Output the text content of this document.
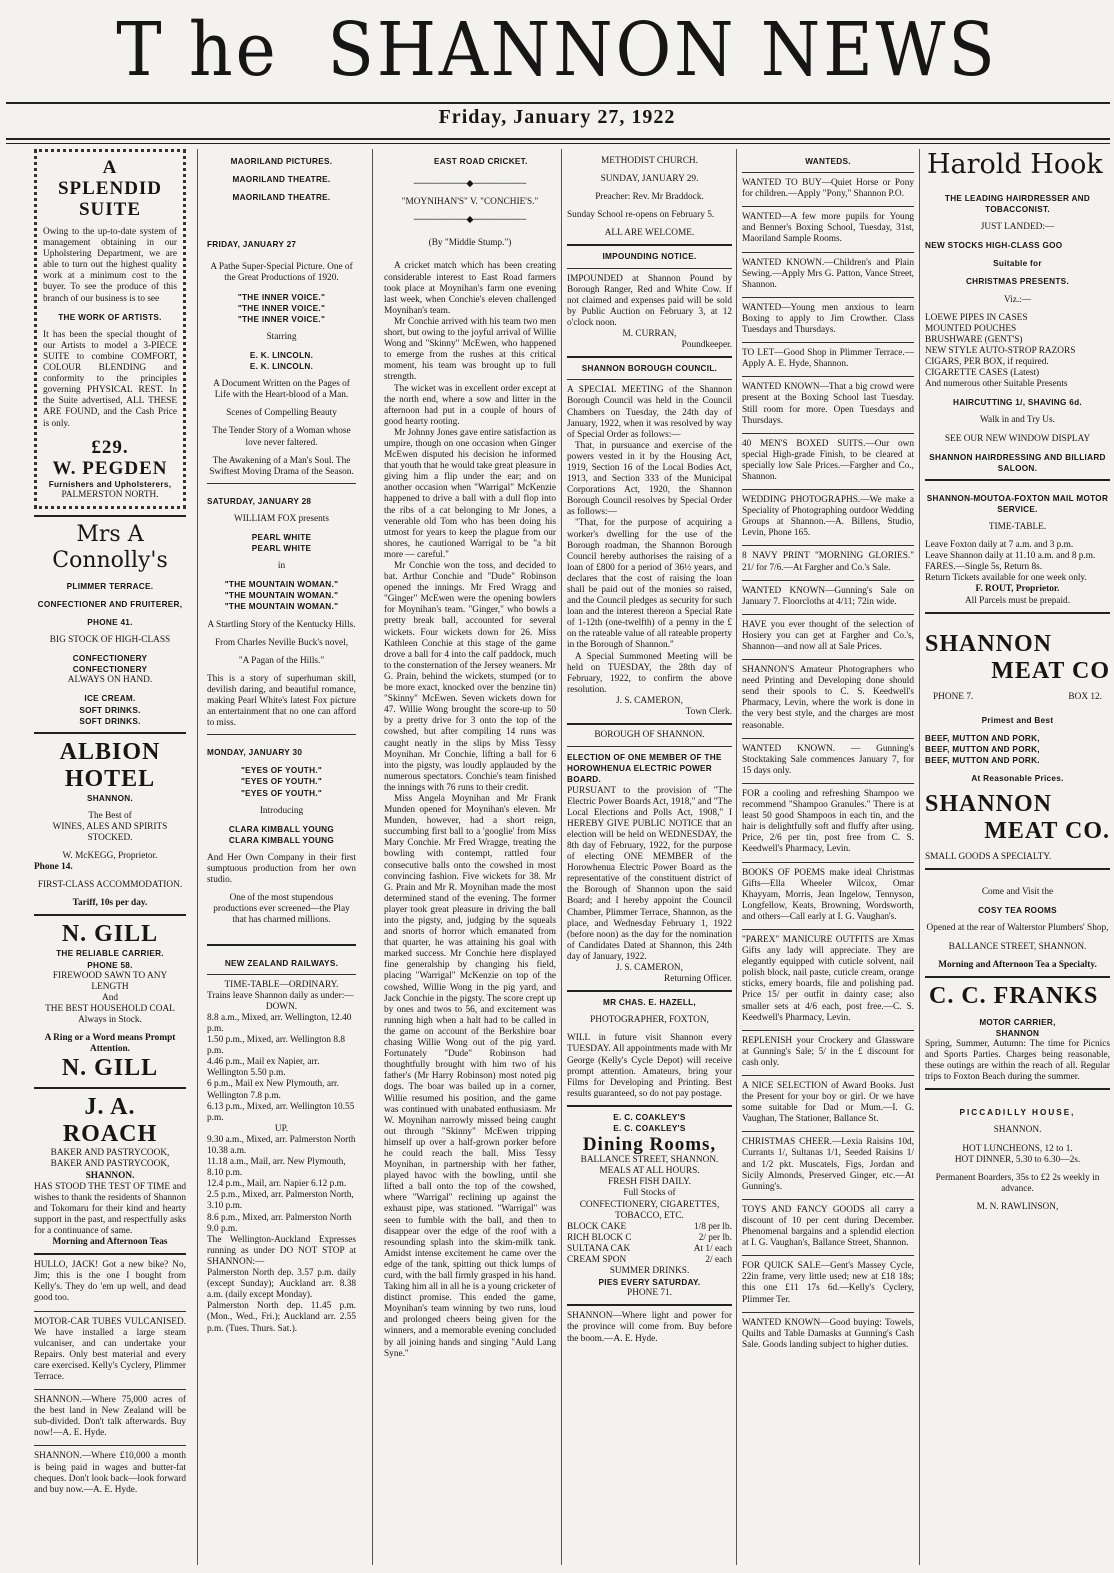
T he SHANNON NEWS
Friday, January 27, 1922
A
SPLENDID
SUITE
Owing to the up-to-date system of management obtaining in our Upholstering Department, we are able to turn out the highest quality work at a minimum cost to the buyer. To see the produce of this branch of our business is to see
THE WORK OF ARTISTS.
It has been the special thought of our Artists to model a 3-PIECE SUITE to combine COMFORT, COLOUR BLENDING and conformity to the principles governing PHYSICAL REST. In the Suite advertised, ALL THESE ARE FOUND, and the Cash Price is only.
£29.
W. PEGDEN
Furnishers and Upholsterers,
PALMERSTON NORTH.
Mrs A Connolly's
PLIMMER TERRACE.
CONFECTIONER AND FRUITERER,
PHONE 41.
BIG STOCK OF HIGH-CLASS
CONFECTIONERY
CONFECTIONERY
ALWAYS ON HAND.
ICE CREAM.
SOFT DRINKS.
SOFT DRINKS.
ALBION HOTEL
SHANNON.
The Best of
WINES, ALES AND SPIRITS STOCKED.
W. McKEGG, Proprietor.
Phone 14.
FIRST-CLASS ACCOMMODATION.
Tariff, 10s per day.
N. GILL
THE RELIABLE CARRIER.
PHONE 58.
FIREWOOD SAWN TO ANY LENGTH
And
THE BEST HOUSEHOLD COAL
Always in Stock.
A Ring or a Word means Prompt Attention.
N. GILL
J. A. ROACH
BAKER AND PASTRYCOOK,
BAKER AND PASTRYCOOK,
SHANNON.
HAS STOOD THE TEST OF TIME and wishes to thank the residents of Shannon and Tokomaru for their kind and hearty support in the past, and respectfully asks for a continuance of same.
Morning and Afternoon Teas
HULLO, JACK! Got a new bike? No, Jim; this is the one I bought from Kelly's. They do 'em up well, and dead good too.
MOTOR-CAR TUBES VULCANISED. We have installed a large steam vulcaniser, and can undertake your Repairs. Only best material and every care exercised. Kelly's Cyclery, Plimmer Terrace.
SHANNON.—Where 75,000 acres of the best land in New Zealand will be sub-divided. Don't talk afterwards. Buy now!—A. E. Hyde.
SHANNON.—Where £10,000 a month is being paid in wages and butter-fat cheques. Don't look back—look forward and buy now.—A. E. Hyde.
MAORILAND PICTURES.
MAORILAND THEATRE.
MAORILAND THEATRE.
FRIDAY, JANUARY 27
A Pathe Super-Special Picture. One of the Great Productions of 1920.
"THE INNER VOICE."
"THE INNER VOICE."
"THE INNER VOICE."
Starring
E. K. LINCOLN.
E. K. LINCOLN.
A Document Written on the Pages of Life with the Heart-blood of a Man.
Scenes of Compelling Beauty
The Tender Story of a Woman whose love never faltered.
The Awakening of a Man's Soul. The Swiftest Moving Drama of the Season.
SATURDAY, JANUARY 28
WILLIAM FOX presents
PEARL WHITE
PEARL WHITE
in
"THE MOUNTAIN WOMAN."
"THE MOUNTAIN WOMAN."
"THE MOUNTAIN WOMAN."
A Startling Story of the Kentucky Hills.
From Charles Neville Buck's novel,
"A Pagan of the Hills."
This is a story of superhuman skill, devilish daring, and beautiful romance, making Pearl White's latest Fox picture an entertainment that no one can afford to miss.
MONDAY, JANUARY 30
"EYES OF YOUTH."
"EYES OF YOUTH."
"EYES OF YOUTH."
Introducing
CLARA KIMBALL YOUNG
CLARA KIMBALL YOUNG
And Her Own Company in their first sumptuous production from her own studio.
One of the most stupendous productions ever screened—the Play that has charmed millions.
NEW ZEALAND RAILWAYS.
TIME-TABLE—ORDINARY.
Trains leave Shannon daily as under:—
DOWN.
8.8 a.m., Mixed, arr. Wellington, 12.40 p.m.
1.50 p.m., Mixed, arr. Wellington 8.8 p.m.
4.46 p.m., Mail ex Napier, arr. Wellington 5.50 p.m.
6 p.m., Mail ex New Plymouth, arr. Wellington 7.8 p.m.
6.13 p.m., Mixed, arr. Wellington 10.55 p.m.
UP.
9.30 a.m., Mixed, arr. Palmerston North 10.38 a.m.
11.18 a.m., Mail, arr. New Plymouth, 8.10 p.m.
12.4 p.m., Mail, arr. Napier 6.12 p.m.
2.5 p.m., Mixed, arr. Palmerston North, 3.10 p.m.
8.6 p.m., Mixed, arr. Palmerston North 9.0 p.m.
The Wellington-Auckland Expresses running as under DO NOT STOP at SHANNON:—
Palmerston North dep. 3.57 p.m. daily (except Sunday); Auckland arr. 8.38 a.m. (daily except Monday).
Palmerston North dep. 11.45 p.m. (Mon., Wed., Fri.); Auckland arr. 2.55 p.m. (Tues. Thurs. Sat.).
EAST ROAD CRICKET.
────────◆────────
"MOYNIHAN'S" V. "CONCHIE'S."
────────◆────────
(By "Middle Stump.")

A cricket match which has been creating considerable interest to East Road farmers took place at Moynihan's farm one evening last week, when Conchie's eleven challenged Moynihan's team.

Mr Conchie arrived with his team two men short, but owing to the joyful arrival of Willie Wong and "Skinny" McEwen, who happened to emerge from the rushes at this critical moment, his team was brought up to full strength.

The wicket was in excellent order except at the north end, where a sow and litter in the afternoon had put in a couple of hours of good hearty rooting.

Mr Johnny Jones gave entire satisfaction as umpire, though on one occasion when Ginger McEwen disputed his decision he informed that youth that he would take great pleasure in giving him a flip under the ear; and on another occasion when "Warrigal" McKenzie happened to drive a ball with a dull flop into the ribs of a cat belonging to Mr Jones, a venerable old Tom who has been doing his utmost for years to keep the plague from our shores, he cautioned Warrigal to be "a bit more — careful."

Mr Conchie won the toss, and decided to bat. Arthur Conchie and "Dude" Robinson opened the innings. Mr Fred Wragg and "Ginger" McEwen were the opening bowlers for Moynihan's team. "Ginger," who bowls a pretty break ball, accounted for several wickets. Four wickets down for 26. Miss Kathleen Conchie at this stage of the game drove a ball for 4 into the calf paddock, much to the consternation of the Jersey weaners. Mr G. Prain, behind the wickets, stumped (or to be more exact, knocked over the benzine tin) "Skinny" McEwen. Seven wickets down for 47. Willie Wong brought the score-up to 50 by a pretty drive for 3 onto the top of the cowshed, but after compiling 14 runs was caught neatly in the slips by Miss Tessy Moynihan. Mr Conchie, lifting a ball for 6 into the pigsty, was loudly applauded by the numerous spectators. Conchie's team finished the innings with 76 runs to their credit.

Miss Angela Moynihan and Mr Frank Munden opened for Moynihan's eleven. Mr Munden, however, had a short reign, succumbing first ball to a 'googlie' from Miss Mary Conchie. Mr Fred Wragge, treating the bowling with contempt, rattled four consecutive balls onto the cowshed in most convincing fashion. Five wickets for 38. Mr G. Prain and Mr R. Moynihan made the most determined stand of the evening. The former player took great pleasure in driving the ball into the pigsty, and, judging by the squeals and snorts of horror which emanated from that quarter, he was attaining his goal with marked success. Mr Conchie here displayed fine generalship by changing his field, placing "Warrigal" McKenzie on top of the cowshed, Willie Wong in the pig yard, and Jack Conchie in the pigsty. The score crept up by ones and twos to 56, and excitement was running high when a halt had to be called in the game on account of the Berkshire boar chasing Willie Wong out of the pig yard. Fortunately "Dude" Robinson had thoughtfully brought with him two of his father's (Mr Harry Robinson) most noted pig dogs. The boar was bailed up in a corner, Willie resumed his position, and the game was continued with unabated enthusiasm. Mr W. Moynihan narrowly missed being caught out through "Skinny" McEwen tripping himself up over a half-grown porker before he could reach the ball. Miss Tessy Moynihan, in partnership with her father, played havoc with the bowling, until she lifted a ball onto the top of the cowshed, where "Warrigal" reclining up against the exhaust pipe, was stationed. "Warrigal" was seen to fumble with the ball, and then to disappear over the edge of the roof with a resounding splash into the skim-milk tank. Amidst intense excitement he came over the edge of the tank, spitting out thick lumps of curd, with the ball firmly grasped in his hand. Taking him all in all he is a young cricketer of distinct promise. This ended the game, Moynihan's team winning by two runs, loud and prolonged cheers being given for the winners, and a memorable evening concluded by all joining hands and singing "Auld Lang Syne."

METHODIST CHURCH.
SUNDAY, JANUARY 29.
Preacher: Rev. Mr Braddock.
Sunday School re-opens on February 5.
ALL ARE WELCOME.
IMPOUNDING NOTICE.
IMPOUNDED at Shannon Pound by Borough Ranger, Red and White Cow. If not claimed and expenses paid will be sold by Public Auction on February 3, at 12 o'clock noon.
M. CURRAN,
Poundkeeper.
SHANNON BOROUGH COUNCIL.

A SPECIAL MEETING of the Shannon Borough Council was held in the Council Chambers on Tuesday, the 24th day of January, 1922, when it was resolved by way of Special Order as follows:—

That, in pursuance and exercise of the powers vested in it by the Housing Act, 1919, Section 16 of the Local Bodies Act, 1913, and Section 333 of the Municipal Corporations Act, 1920, the Shannon Borough Council resolves by Special Order as follows:—

"That, for the purpose of acquiring a worker's dwelling for the use of the Borough roadman, the Shannon Borough Council hereby authorises the raising of a loan of £800 for a period of 36½ years, and declares that the cost of raising the loan shall be paid out of the monies so raised, and the Council pledges as security for such loan and the interest thereon a Special Rate of 1-12th (one-twelfth) of a penny in the £ on the rateable value of all rateable property in the Borough of Shannon."

A Special Summoned Meeting will be held on TUESDAY, the 28th day of February, 1922, to confirm the above resolution.

J. S. CAMERON,
Town Clerk.
BOROUGH OF SHANNON.
ELECTION OF ONE MEMBER OF THE HOROWHENUA ELECTRIC POWER BOARD.
PURSUANT to the provision of "The Electric Power Boards Act, 1918," and "The Local Elections and Polls Act, 1908," I HEREBY GIVE PUBLIC NOTICE that an election will be held on WEDNESDAY, the 8th day of February, 1922, for the purpose of electing ONE MEMBER of the Horowhenua Electric Power Board as the representative of the constituent district of the Borough of Shannon upon the said Board; and I hereby appoint the Council Chamber, Plimmer Terrace, Shannon, as the place, and Wednesday February 1, 1922 (before noon) as the day for the nomination of Candidates Dated at Shannon, this 24th day of January, 1922.
J. S. CAMERON,
Returning Officer.
MR CHAS. E. HAZELL,
PHOTOGRAPHER, FOXTON,
WILL in future visit Shannon every TUESDAY. All appointments made with Mr George (Kelly's Cycle Depot) will receive prompt attention. Amateurs, bring your Films for Developing and Printing. Best results guaranteed, so do not pay postage.
E. C. COAKLEY'S
E. C. COAKLEY'S
Dining Rooms,
BALLANCE STREET, SHANNON.
MEALS AT ALL HOURS.
FRESH FISH DAILY.
Full Stocks of
CONFECTIONERY, CIGARETTES, TOBACCO, ETC.
BLOCK CAKE	1/8 per lb.
RICH BLOCK C	2/ per lb.
SULTANA CAK	At 1/ each
CREAM SPON	2/ each
SUMMER DRINKS.
PIES EVERY SATURDAY.
PHONE 71.
SHANNON—Where light and power for the province will come from. Buy before the boom.—A. E. Hyde.
WANTEDS.
WANTED TO BUY—Quiet Horse or Pony for children.—Apply "Pony," Shannon P.O.
WANTED—A few more pupils for Young and Benner's Boxing School, Tuesday, 31st, Maoriland Sample Rooms.
WANTED KNOWN.—Children's and Plain Sewing.—Apply Mrs G. Patton, Vance Street, Shannon.
WANTED—Young men anxious to learn Boxing to apply to Jim Crowther. Class Tuesdays and Thursdays.
TO LET—Good Shop in Plimmer Terrace.—Apply A. E. Hyde, Shannon.
WANTED KNOWN—That a big crowd were present at the Boxing School last Tuesday. Still room for more. Open Tuesdays and Thursdays.
40 MEN'S BOXED SUITS.—Our own special High-grade Finish, to be cleared at specially low Sale Prices.—Fargher and Co., Shannon.
WEDDING PHOTOGRAPHS.—We make a Speciality of Photographing outdoor Wedding Groups at Shannon.—A. Billens, Studio, Levin, Phone 165.
8 NAVY PRINT "MORNING GLORIES." 21/ for 7/6.—At Fargher and Co.'s Sale.
WANTED KNOWN—Gunning's Sale on January 7. Floorcloths at 4/11; 72in wide.
HAVE you ever thought of the selection of Hosiery you can get at Fargher and Co.'s, Shannon—and now all at Sale Prices.
SHANNON'S Amateur Photographers who need Printing and Developing done should send their spools to C. S. Keedwell's Pharmacy, Levin, where the work is done in the very best style, and the charges are most reasonable.
WANTED KNOWN. — Gunning's Stocktaking Sale commences January 7, for 15 days only.
FOR a cooling and refreshing Shampoo we recommend "Shampoo Granules." There is at least 50 good Shampoos in each tin, and the hair is delightfully soft and fluffy after using. Price, 2/6 per tin, post free from C. S. Keedwell's Pharmacy, Levin.
BOOKS OF POEMS make ideal Christmas Gifts—Ella Wheeler Wilcox, Omar Khayyam, Morris, Jean Ingelow, Tennyson, Longfellow, Keats, Browning, Wordsworth, and others—Call early at I. G. Vaughan's.
"PAREX" MANICURE OUTFITS are Xmas Gifts any lady will appreciate. They are elegantly equipped with cuticle solvent, nail polish block, nail paste, cuticle cream, orange sticks, emery boards, file and polishing pad. Price 15/ per outfit in dainty case; also smaller sets at 4/6 each, post free.—C. S. Keedwell's Pharmacy, Levin.
REPLENISH your Crockery and Glassware at Gunning's Sale; 5/ in the £ discount for cash only.
A NICE SELECTION of Award Books. Just the Present for your boy or girl. Or we have some suitable for Dad or Mum.—I. G. Vaughan, The Stationer, Ballance St.
CHRISTMAS CHEER.—Lexia Raisins 10d, Currants 1/, Sultanas 1/1, Seeded Raisins 1/ and 1/2 pkt. Muscatels, Figs, Jordan and Sicily Almonds, Preserved Ginger, etc.—At Gunning's.
TOYS AND FANCY GOODS all carry a discount of 10 per cent during December. Phenomenal bargains and a splendid election at I. G. Vaughan's, Ballance Street, Shannon.
FOR QUICK SALE—Gent's Massey Cycle, 22in frame, very little used; new at £18 18s; this one £11 17s 6d.—Kelly's Cyclery, Plimmer Ter.
WANTED KNOWN—Good buying: Towels, Quilts and Table Damasks at Gunning's Cash Sale. Goods landing subject to higher duties.
Harold Hook
THE LEADING HAIRDRESSER AND TOBACCONIST.
JUST LANDED:—
NEW STOCKS HIGH-CLASS GOO
Suitable for
CHRISTMAS PRESENTS.
Viz.:—
LOEWE PIPES IN CASES
MOUNTED POUCHES
BRUSHWARE (GENT'S)
NEW STYLE AUTO-STROP RAZORS
CIGARS, PER BOX, if required.
CIGARETTE CASES (Latest)
And numerous other Suitable Presents
HAIRCUTTING 1/, SHAVING 6d.
Walk in and Try Us.
SEE OUR NEW WINDOW DISPLAY
SHANNON HAIRDRESSING AND BILLIARD SALOON.
SHANNON-MOUTOA-FOXTON MAIL MOTOR SERVICE.
TIME-TABLE.
Leave Foxton daily at 7 a.m. and 3 p.m.
Leave Shannon daily at 11.10 a.m. and 8 p.m.
FARES.—Single 5s, Return 8s.
Return Tickets available for one week only.
F. ROUT, Proprietor.
All Parcels must be prepaid.
SHANNON
MEAT CO
PHONE 7.	BOX 12.
Primest and Best
BEEF, MUTTON AND PORK,
BEEF, MUTTON AND PORK,
BEEF, MUTTON AND PORK.
At Reasonable Prices.
SHANNON
MEAT CO.
SMALL GOODS A SPECIALTY.
Come and Visit the
COSY TEA ROOMS
Opened at the rear of Walterstor Plumbers' Shop,
BALLANCE STREET, SHANNON.
Morning and Afternoon Tea a Specialty.
C. C. FRANKS
MOTOR CARRIER,
SHANNON
Spring, Summer, Autumn: The time for Picnics and Sports Parties. Charges being reasonable, these outings are within the reach of all. Regular trips to Foxton Beach during the summer.
PICCADILLY HOUSE,
SHANNON.
HOT LUNCHEONS, 12 to 1.
HOT DINNER, 5.30 to 6.30—2s.
Permanent Boarders, 35s to £2 2s weekly in advance.
M. N. RAWLINSON,
